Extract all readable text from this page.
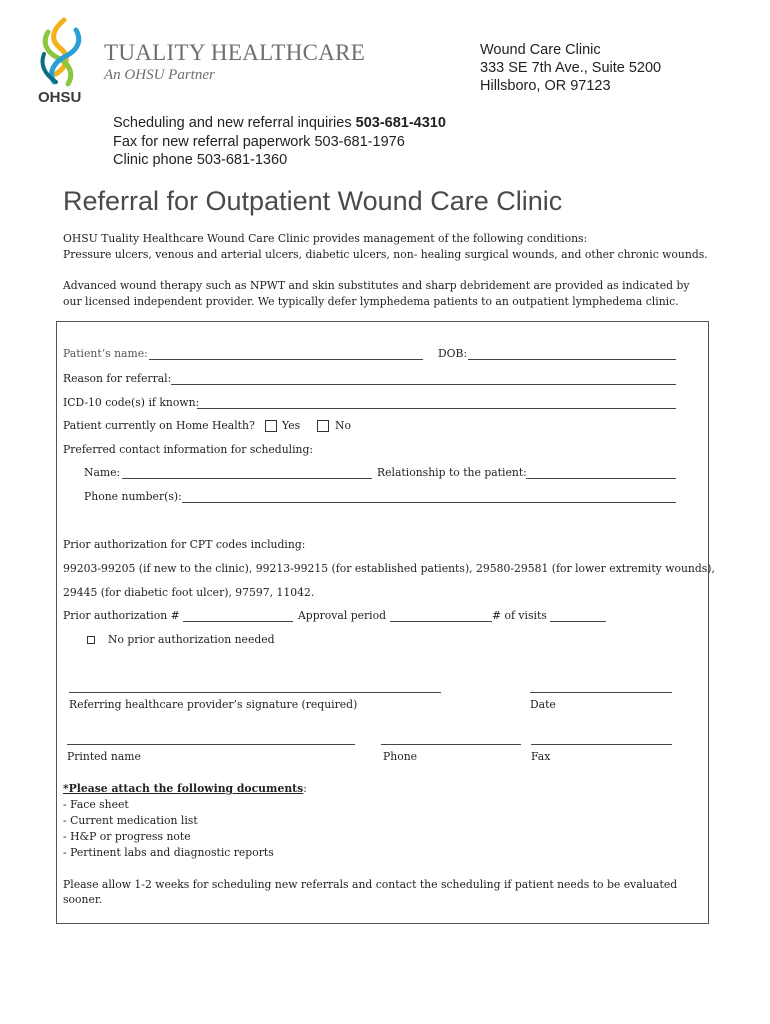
OHSU
TUALITY HEALTHCARE
An OHSU Partner
Wound Care Clinic
333 SE 7th Ave., Suite 5200
Hillsboro, OR 97123
Scheduling and new referral inquiries 503-681-4310
Fax for new referral paperwork 503-681-1976
Clinic phone 503-681-1360
Referral for Outpatient Wound Care Clinic
OHSU Tuality Healthcare Wound Care Clinic provides management of the following conditions:
Pressure ulcers, venous and arterial ulcers, diabetic ulcers, non- healing surgical wounds, and other chronic wounds.
Advanced wound therapy such as NPWT and skin substitutes and sharp debridement are provided as indicated by
our licensed independent provider. We typically defer lymphedema patients to an outpatient lymphedema clinic.
Patient’s name:	DOB:
Reason for referral:
ICD-10 code(s) if known:
Patient currently on Home Health?	Yes	No
Preferred contact information for scheduling:
Name:	Relationship to the patient:
Phone number(s):
Prior authorization for CPT codes including:
99203-99205 (if new to the clinic), 99213-99215 (for established patients), 29580-29581 (for lower extremity wounds),
29445 (for diabetic foot ulcer), 97597, 11042.
Prior authorization #	Approval period	# of visits
No prior authorization needed
Referring healthcare provider’s signature (required)	Date
Printed name	Phone	Fax
*Please attach the following documents:
- Face sheet
- Current medication list
- H&P or progress note
- Pertinent labs and diagnostic reports
Please allow 1-2 weeks for scheduling new referrals and contact the scheduling if patient needs to be evaluated
sooner.
